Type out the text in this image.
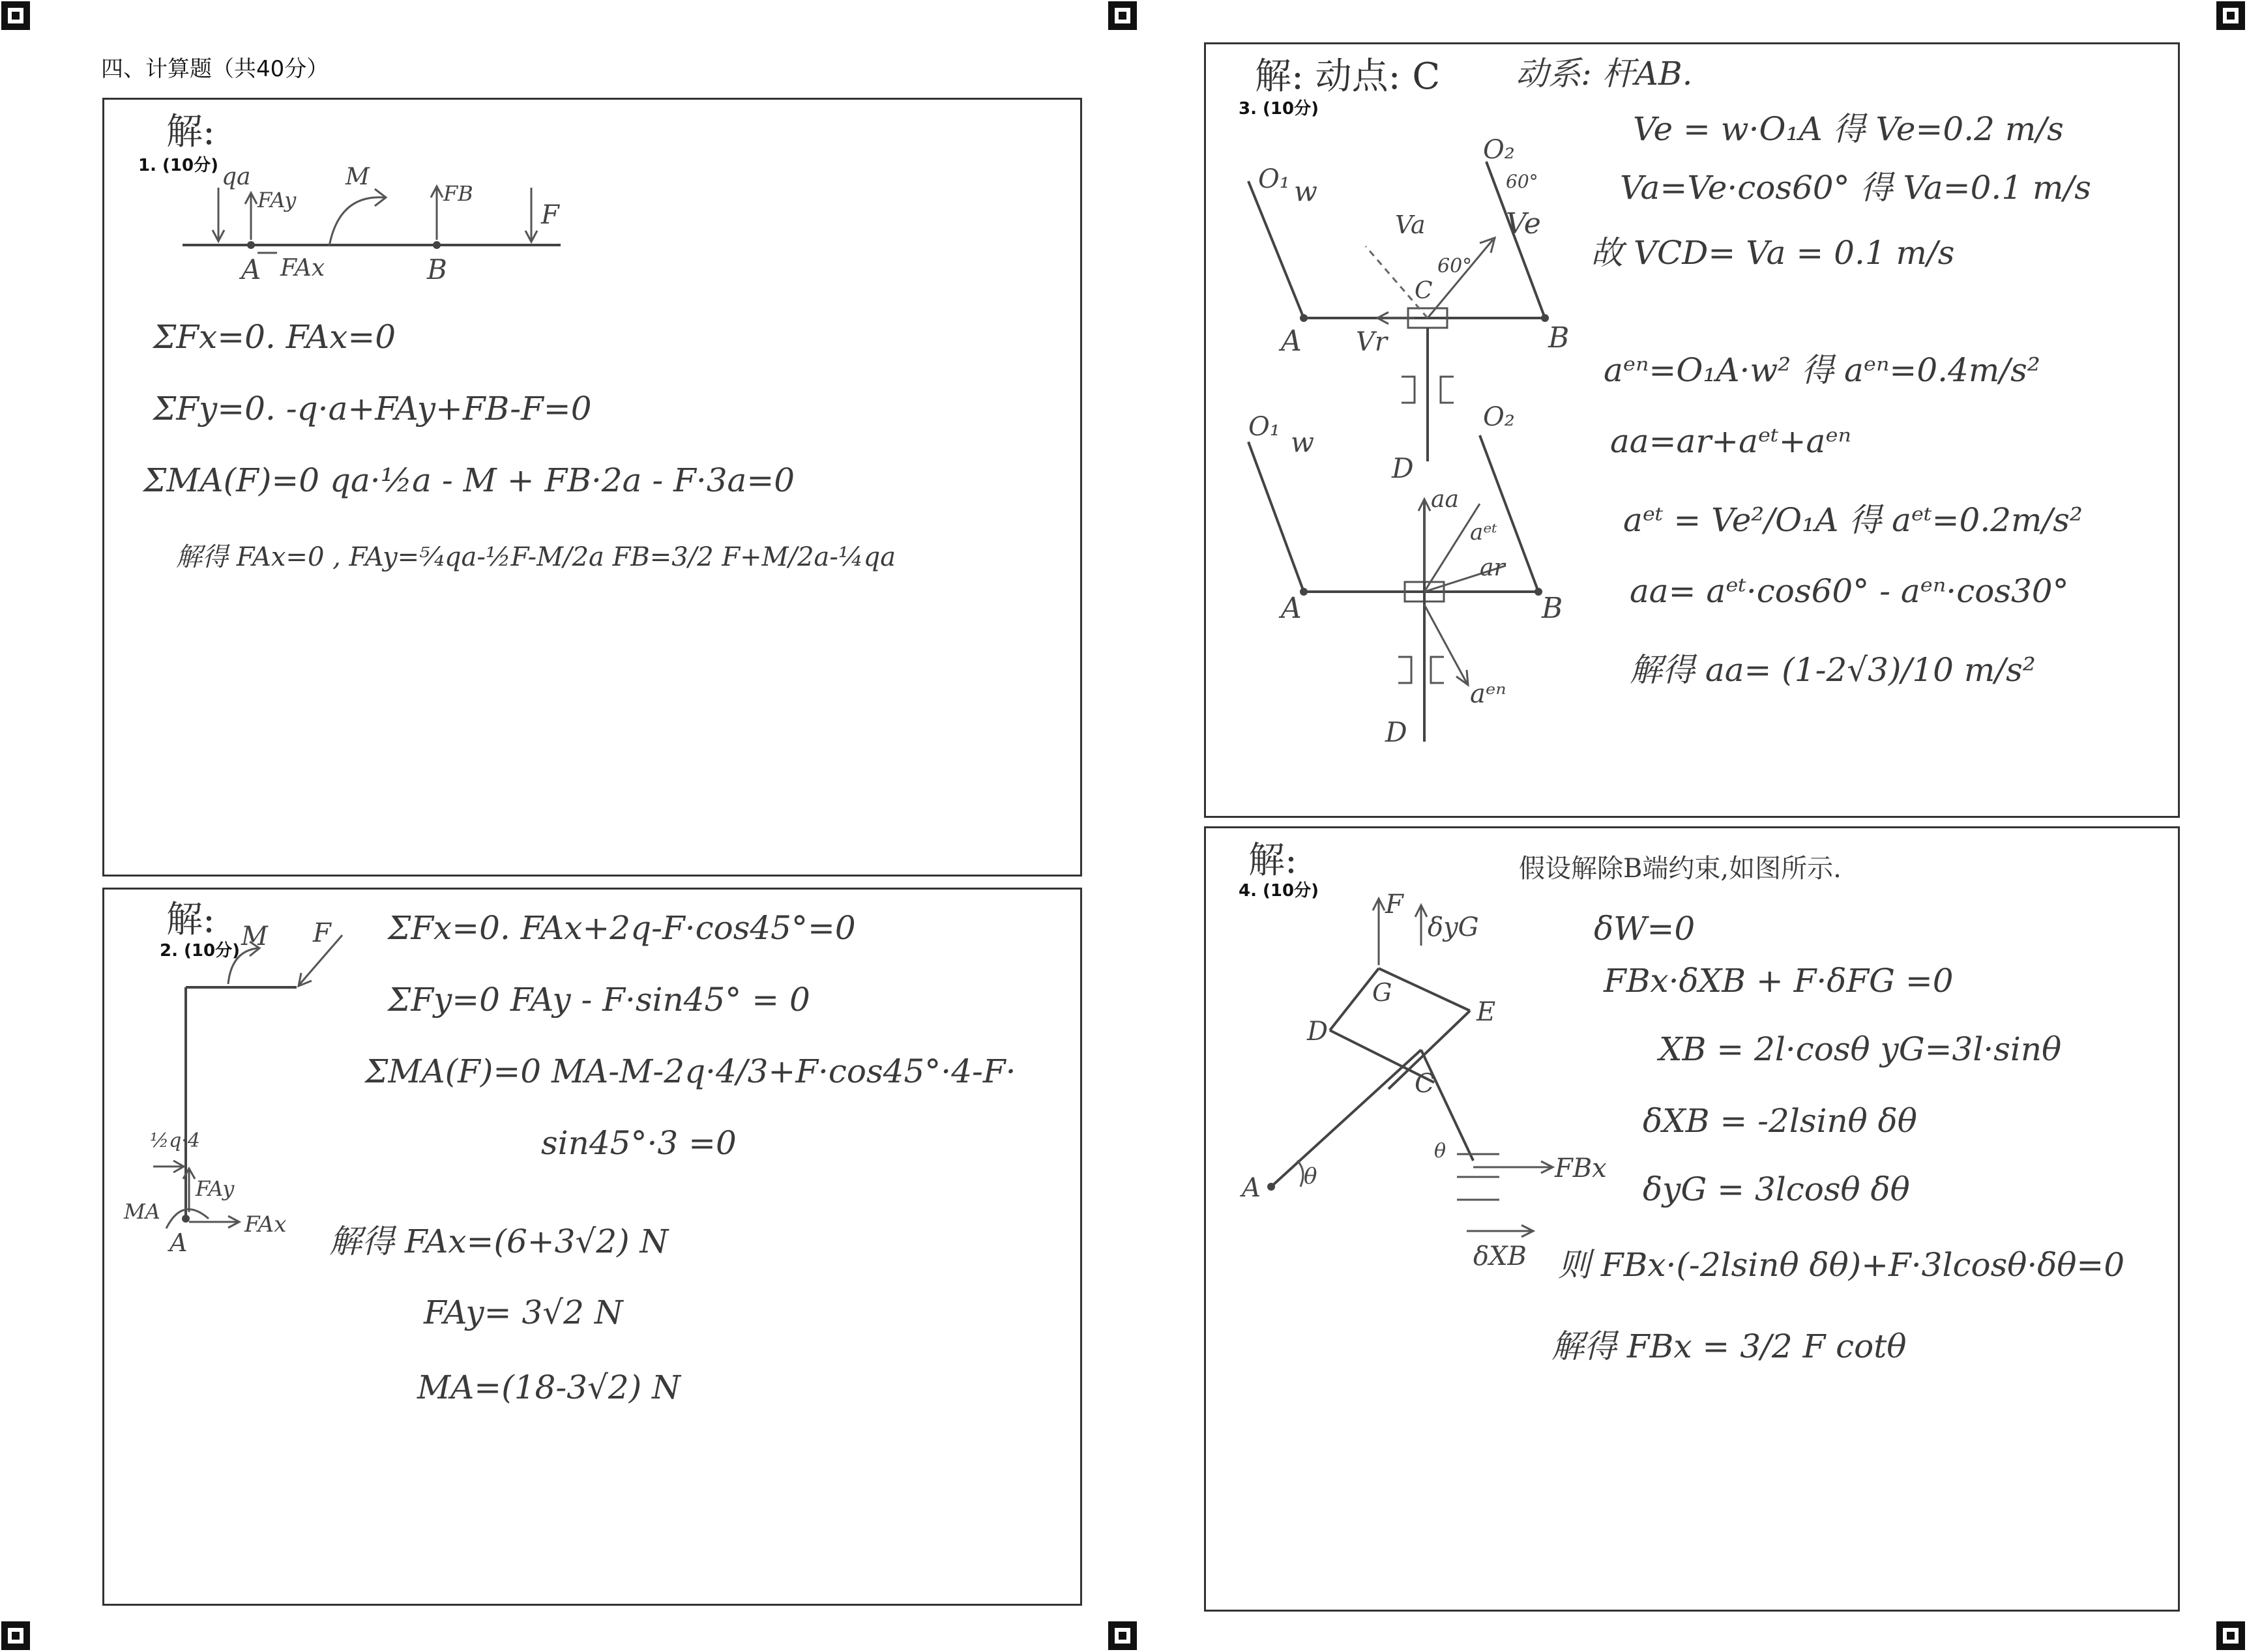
四、计算题（共40分）
1. (10分)
解:
qa
FAy
M
FB
F
A FAx	B
ΣFx=0. FAx=0
ΣFy=0. -q·a+FAy+FB-F=0
ΣMA(F)=0 qa·½a - M + FB·2a - F·3a=0
解得 FAx=0 , FAy=⁵⁄₄qa-½F-M/2a FB=3/2 F+M/2a-¼qa
2. (10分)
解: M F
½q·4
FAy
MA	FAx
A
ΣFx=0. FAx+2q-F·cos45°=0
ΣFy=0 FAy - F·sin45° = 0
ΣMA(F)=0 MA-M-2q·4/3+F·cos45°·4-F·
sin45°·3 =0
解得 FAx=(6+3√2) N
FAy= 3√2 N
MA=(18-3√2) N
3. (10分)
解: 动点: C 动系: 杆AB.
O₁ w
O₂
60°
Va	Ve
C
60°
A Vr	B
O₁ w
O₂
D
aa
aᵉᵗ
ar
A	B
aᵉⁿ
D
Ve = w·O₁A 得 Ve=0.2 m/s
Va=Ve·cos60° 得 Va=0.1 m/s
故 VCD= Va = 0.1 m/s
aᵉⁿ=O₁A·w² 得 aᵉⁿ=0.4m/s²
aa=ar+aᵉᵗ+aᵉⁿ
aᵉᵗ = Ve²/O₁A 得 aᵉᵗ=0.2m/s²
aa= aᵉᵗ·cos60° - aᵉⁿ·cos30°
解得 aa= (1-2√3)/10 m/s²
4. (10分)
解:	假设解除B端约束,如图所示.
F
δyG
G
D
E
C
A θ
θ
FBx
δXB
δW=0
FBx·δXB + F·δFG =0
XB = 2l·cosθ yG=3l·sinθ
δXB = -2lsinθ δθ
δyG = 3lcosθ δθ
则 FBx·(-2lsinθ δθ)+F·3lcosθ·δθ=0
解得 FBx = 3/2 F cotθ
